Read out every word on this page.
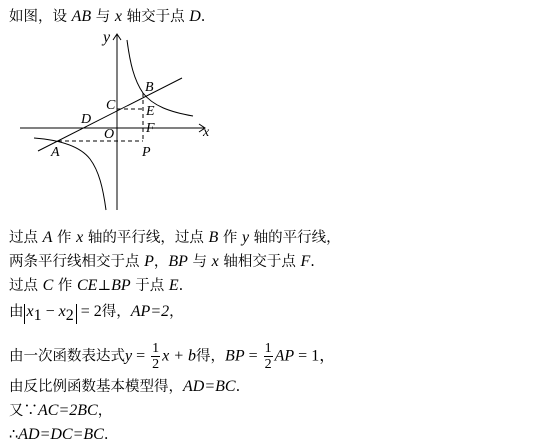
如图，设 AB 与 x 轴交于点 D.
y
x
B
C E
D
O F
A	P
过点 A 作 x 轴的平行线，过点 B 作 y 轴的平行线，
两条平行线相交于点 P，BP 与 x 轴相交于点 F.
过点 C 作 CE⊥BP 于点 E.
由 $x_1 - x_2 = 2$得，AP=2，
由一次函数表达式$y = \frac{1}{2}$ x + b得，BP = $\frac{1}{2}$ AP = 1，
由反比例函数基本模型得，AD=BC.
又∵AC=2BC，
∴AD=DC=BC.
